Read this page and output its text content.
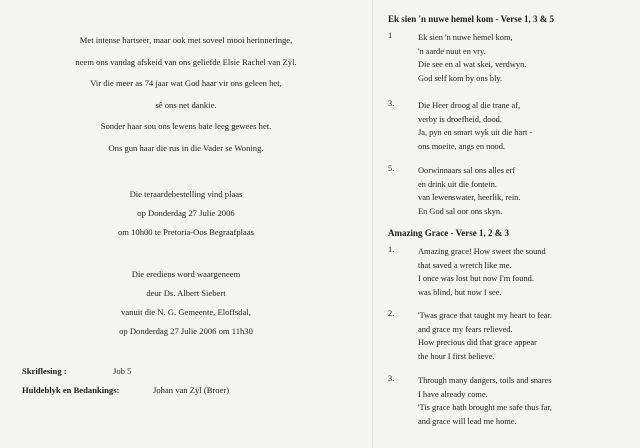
Met intense hartseer, maar ook met soveel mooi herinneringe,
neem ons vandag afskeid van ons geliefde Elsie Rachel van Zÿl.
Vir die meer as 74 jaar wat God haar vir ons geleen het,
sê ons net dankie.
Sonder haar sou ons lewens baie leeg gewees het.
Ons gun haar die rus in die Vader se Woning.
Die teraardebestelling vind plaas
op Donderdag 27 Julie 2006
om 10h00 te Pretoria-Oos Begraafplaas
Die erediens word waargeneem
deur Ds. Albert Siebert
vanuit die N. G. Gemeente, Eloffsdal,
op Donderdag 27 Julie 2006 om 11h30
Skriflesing :	Job 5
Huldeblyk en Bedankings:	Johan van Zÿl (Broer)
Ek sien 'n nuwe hemel kom - Verse 1, 3 & 5
1	Ek sien 'n nuwe hemel kom,
'n aarde nuut en vry.
Die see en al wat skei, verdwyn.
God self kom by ons bly.
3.	Die Heer droog al die trane af,
verby is droefheid, dood.
Ja, pyn en smart wyk uit die hart -
ons moeite, angs en nood.
5.	Oorwinnaars sal ons alles erf
en drink uit die fontein.
van lewenswater, heerlik, rein.
En God sal oor ons skyn.
Amazing Grace - Verse 1, 2 & 3
1.	Amazing grace! How sweet the sound
that saved a wretch like me.
I once was lost but now I'm found.
was blind, but now I see.
2.	'Twas grace that taught my heart to fear.
and grace my fears relieved.
How precious did that grace appear
the hour I first believe.
3.	Through many dangers, toils and snares
I have already come.
'Tis grace hath brought me safe thus far,
and grace will lead me home.
